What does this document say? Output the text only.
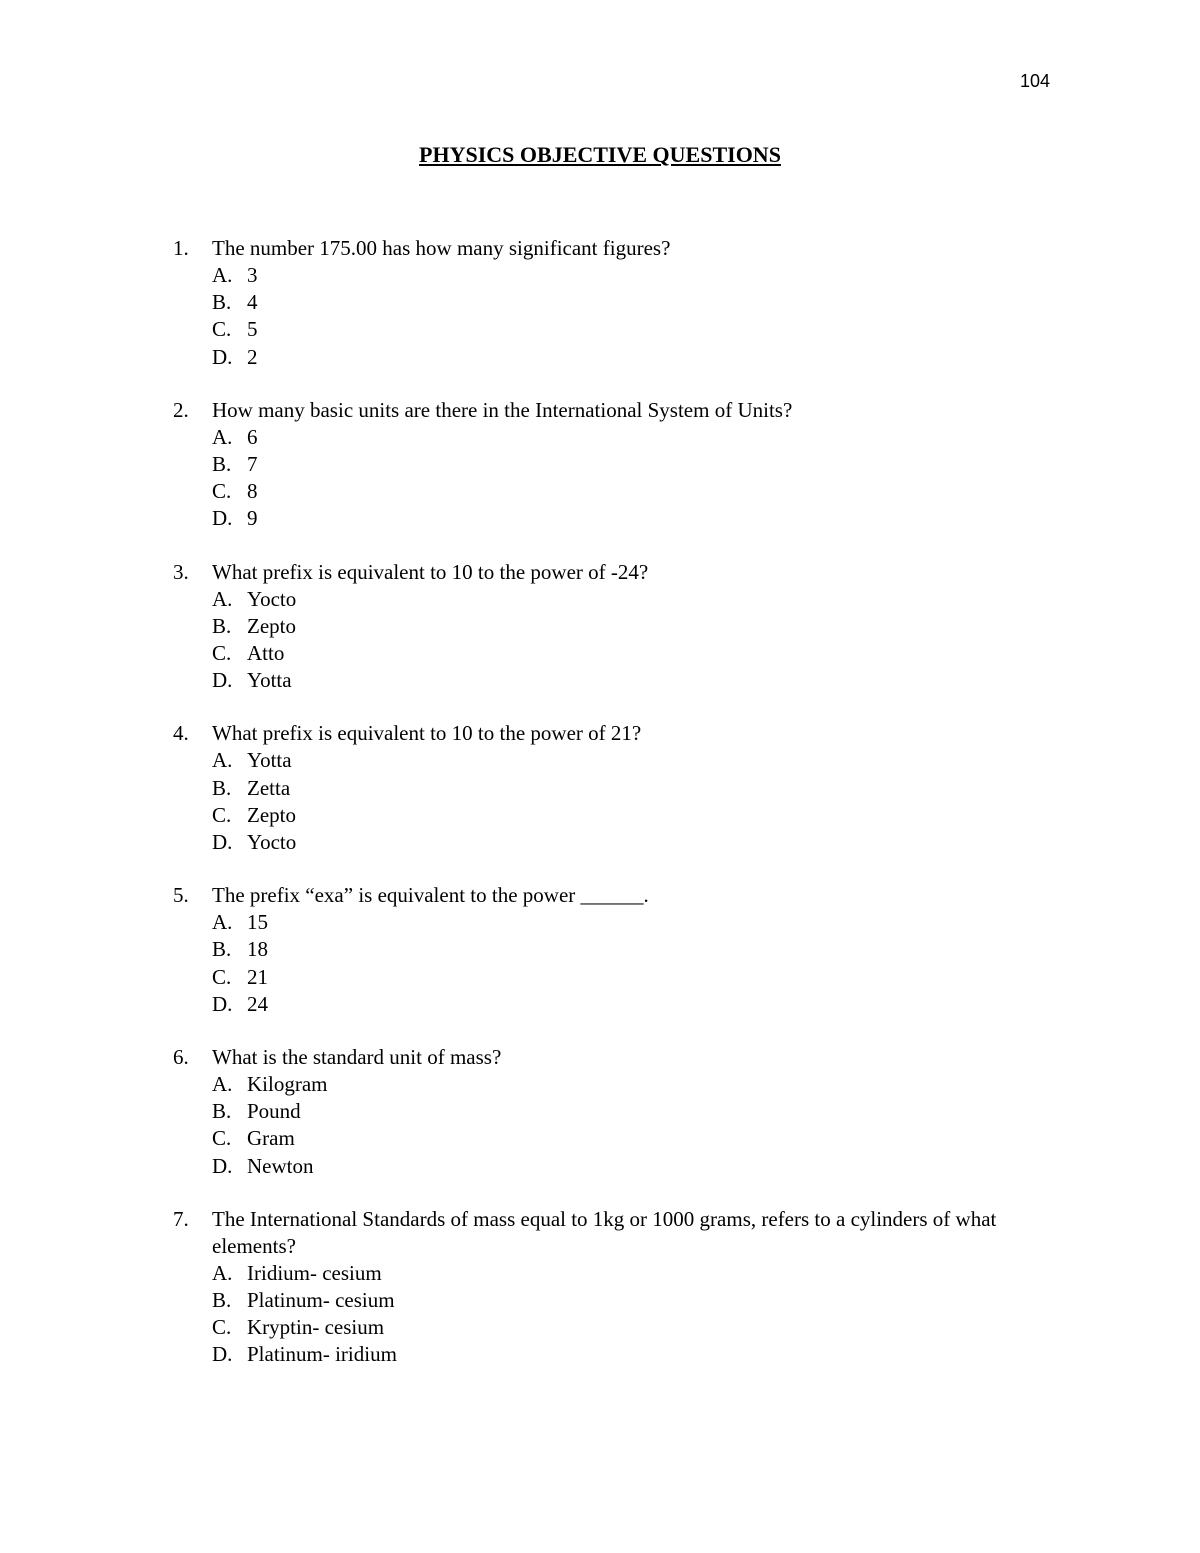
104
PHYSICS OBJECTIVE QUESTIONS
1.	The number 175.00 has how many significant figures?
A. 3
B. 4
C. 5
D. 2
2.	How many basic units are there in the International System of Units?
A. 6
B. 7
C. 8
D. 9
3.	What prefix is equivalent to 10 to the power of -24?
A. Yocto
B. Zepto
C. Atto
D. Yotta
4.	What prefix is equivalent to 10 to the power of 21?
A. Yotta
B. Zetta
C. Zepto
D. Yocto
5.	The prefix “exa” is equivalent to the power ______.
A. 15
B. 18
C. 21
D. 24
6.	What is the standard unit of mass?
A. Kilogram
B. Pound
C. Gram
D. Newton
7.	The International Standards of mass equal to 1kg or 1000 grams, refers to a cylinders of what elements?
A. Iridium- cesium
B. Platinum- cesium
C. Kryptin- cesium
D. Platinum- iridium
